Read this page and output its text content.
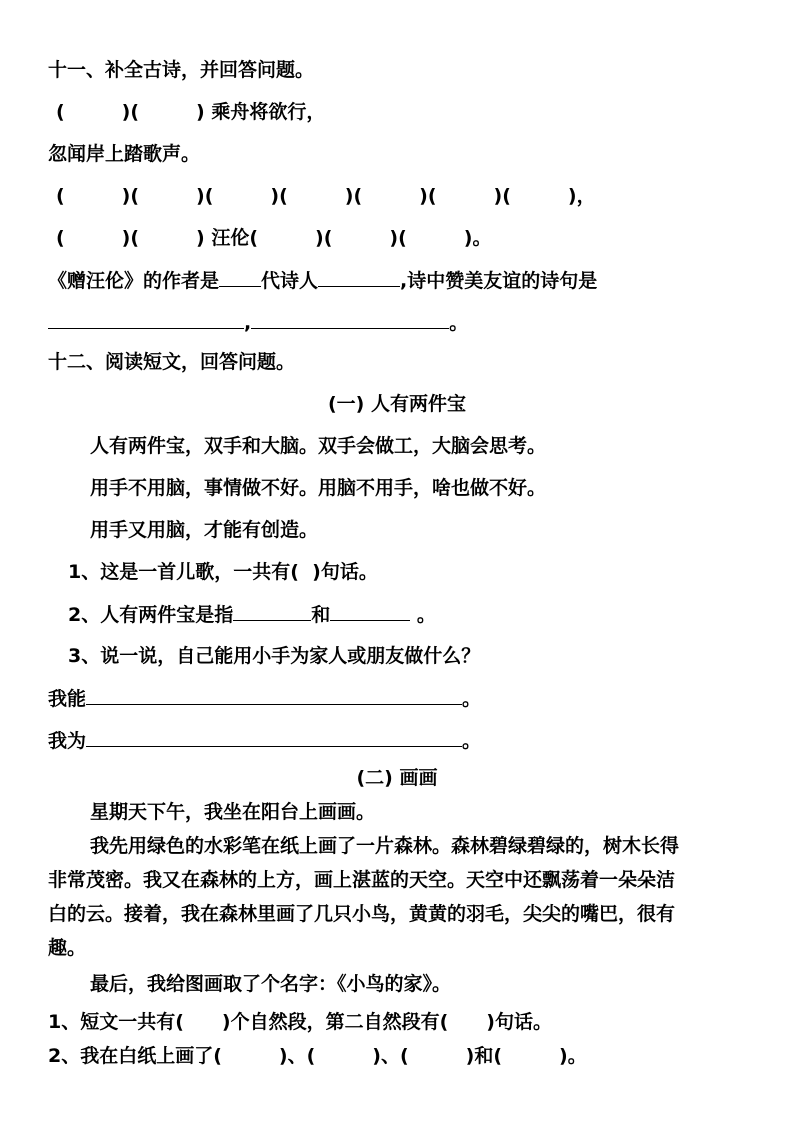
十一、补全古诗，并回答问题。
(　　　)(　　　) 乘舟将欲行，
忽闻岸上踏歌声。
(　　　)(　　　)(　　　)(　　　)(　　　)(　　　)(　　　)，
(　　　)(　　　) 汪伦(　　　)(　　　)(　　　)。
《赠汪伦》的作者是 代诗人	,诗中赞美友谊的诗句是
,	。
十二、阅读短文，回答问题。
(一) 人有两件宝
人有两件宝，双手和大脑。双手会做工，大脑会思考。
用手不用脑，事情做不好。用脑不用手，啥也做不好。
用手又用脑，才能有创造。
1、这是一首儿歌，一共有(  )句话。
2、人有两件宝是指	和	。
3、说一说，自己能用小手为家人或朋友做什么？
我能	。
我为	。
(二) 画画
星期天下午，我坐在阳台上画画。
我先用绿色的水彩笔在纸上画了一片森林。森林碧绿碧绿的，树木长得
非常茂密。我又在森林的上方，画上湛蓝的天空。天空中还飘荡着一朵朵洁
白的云。接着，我在森林里画了几只小鸟，黄黄的羽毛，尖尖的嘴巴，很有
趣。
最后，我给图画取了个名字：《小鸟的家》。
1、短文一共有(　　)个自然段，第二自然段有(　　)句话。
2、我在白纸上画了(　　　)、(　　　)、(　　　)和(　　　)。
